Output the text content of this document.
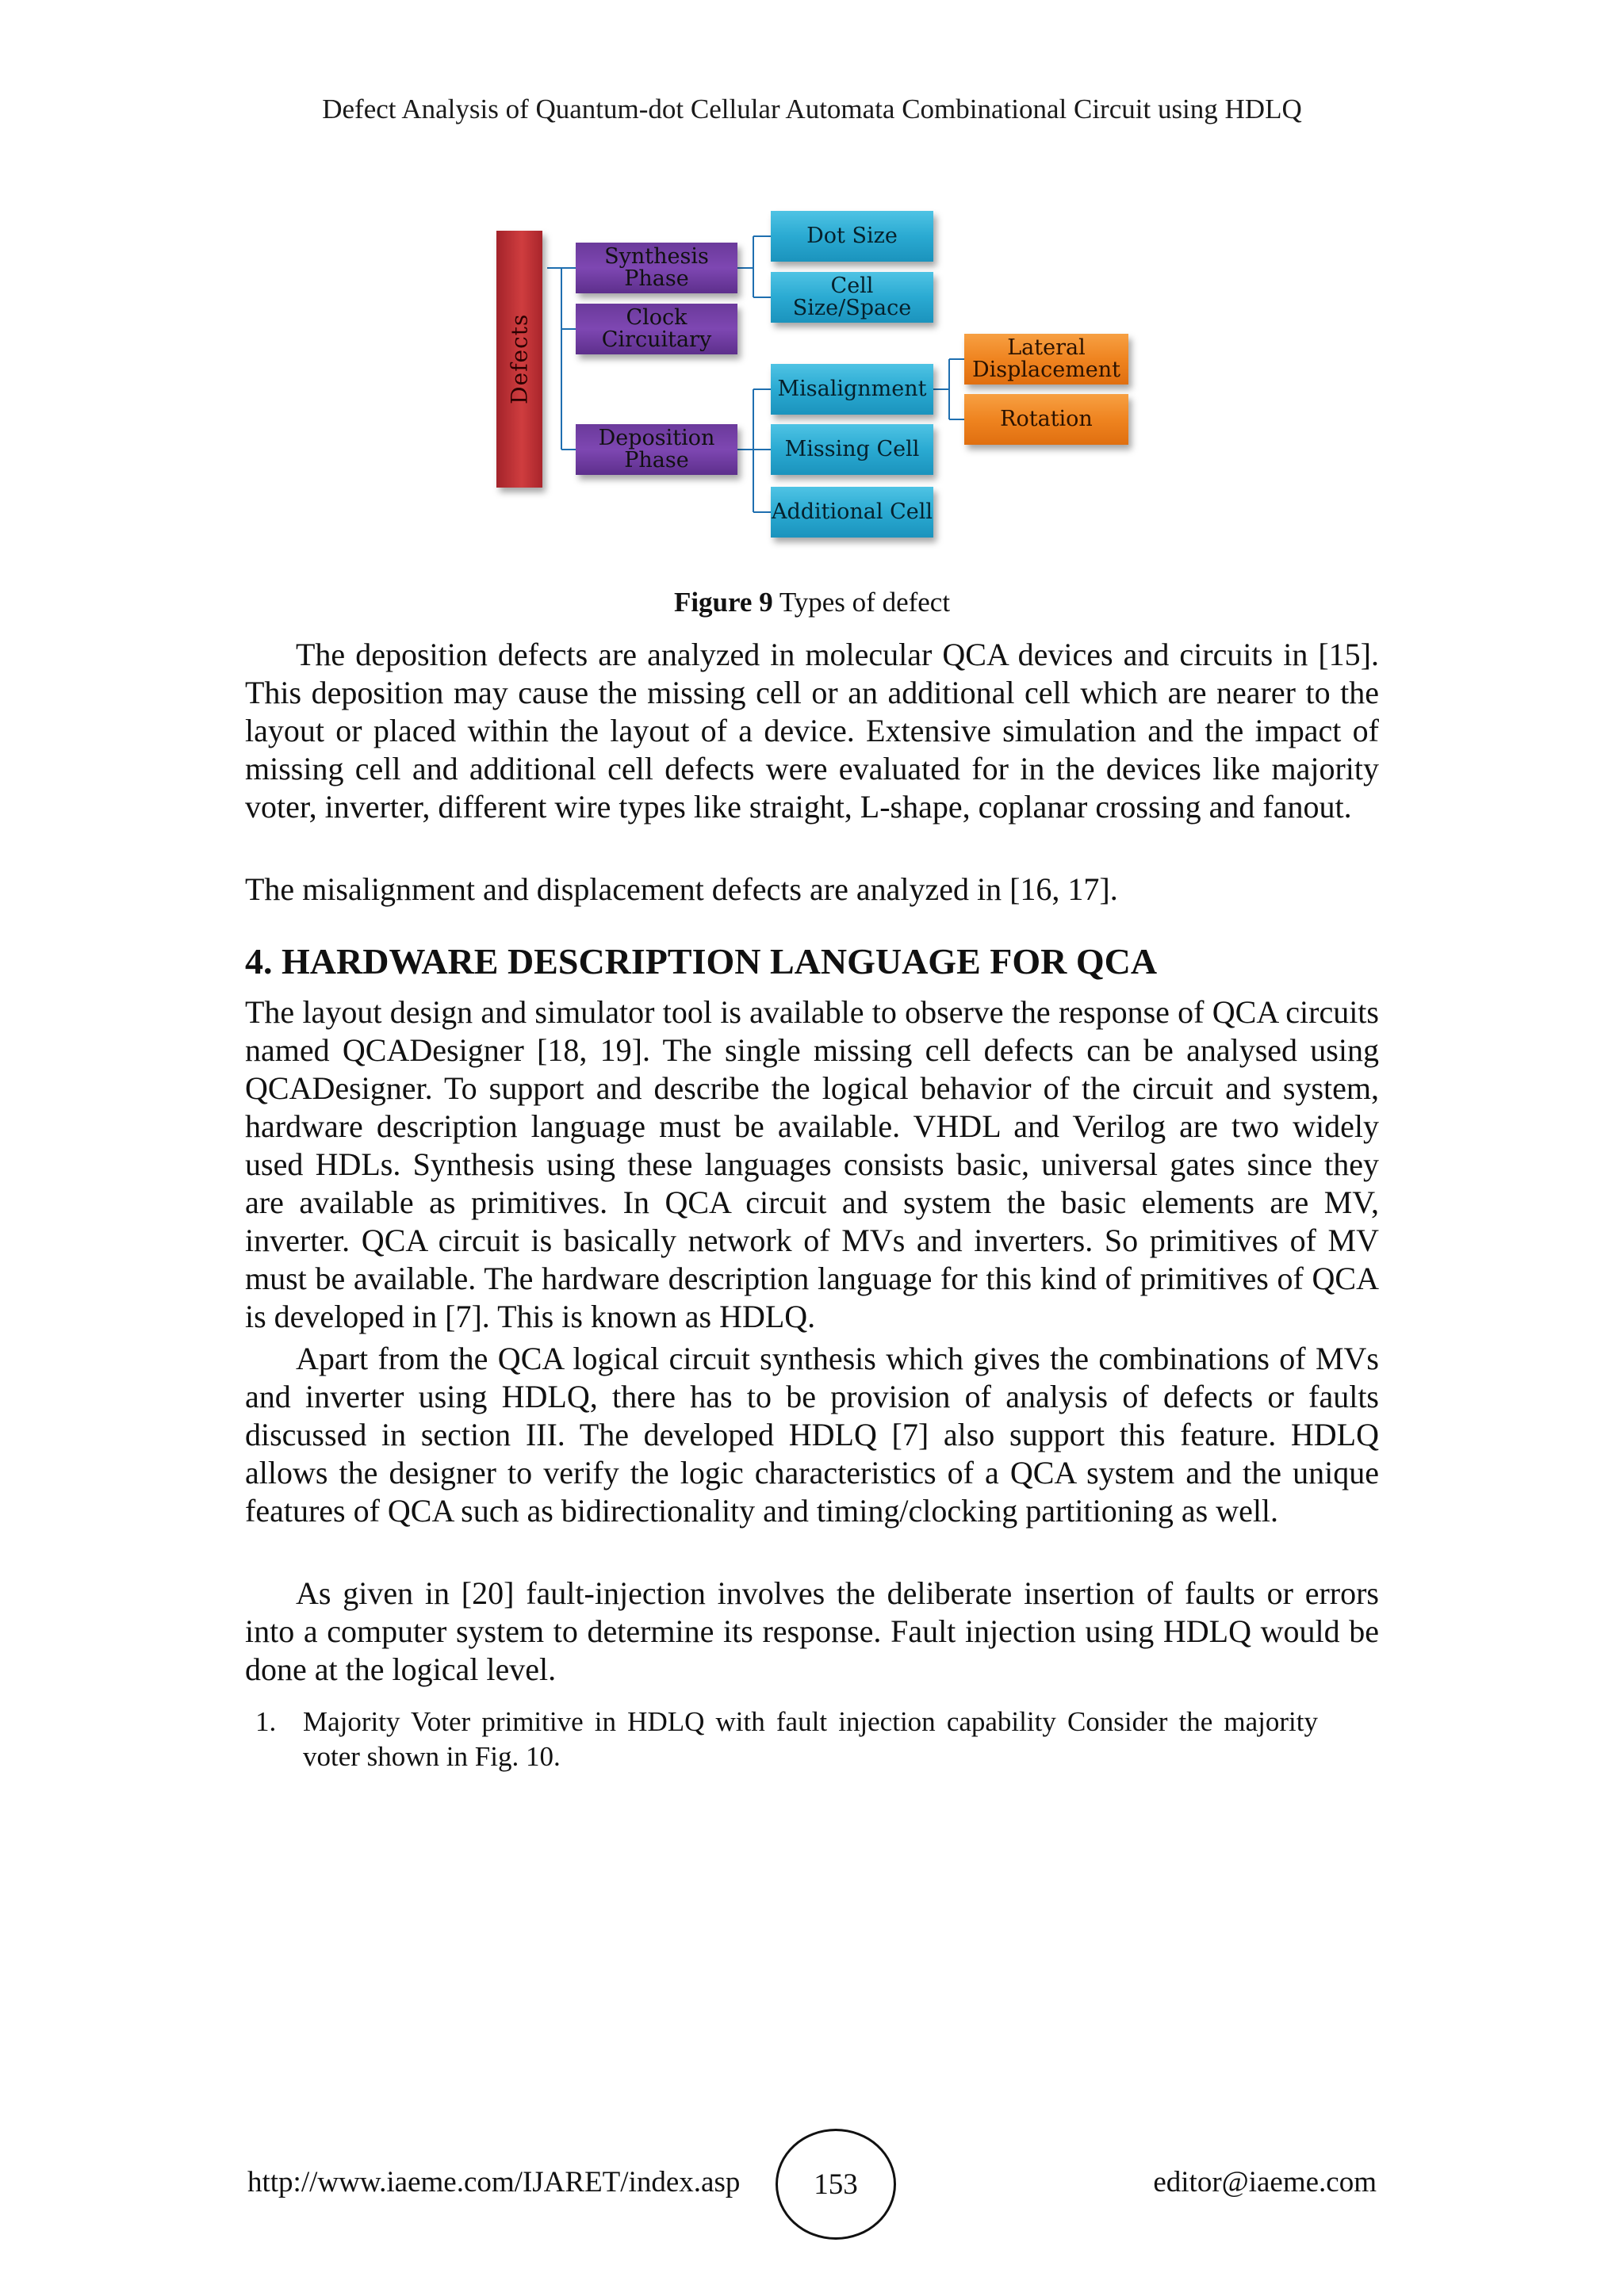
Defect Analysis of Quantum-dot Cellular Automata Combinational Circuit using HDLQ
Defects
Synthesis Phase
Clock Circuitary
Deposition Phase
Dot Size
Cell Size/Space
Misalignment
Missing Cell
Additional Cell
Lateral Displacement
Rotation
Figure 9 Types of defect
The deposition defects are analyzed in molecular QCA devices and circuits in [15]. This deposition may cause the missing cell or an additional cell which are nearer to the layout or placed within the layout of a device. Extensive simulation and the impact of missing cell and additional cell defects were evaluated for in the devices like majority voter, inverter, different wire types like straight, L-shape, coplanar crossing and fanout.
The misalignment and displacement defects are analyzed in [16, 17].
4. HARDWARE DESCRIPTION LANGUAGE FOR QCA
The layout design and simulator tool is available to observe the response of QCA circuits named QCADesigner [18, 19]. The single missing cell defects can be analysed using QCADesigner. To support and describe the logical behavior of the circuit and system, hardware description language must be available. VHDL and Verilog are two widely used HDLs. Synthesis using these languages consists basic, universal gates since they are available as primitives. In QCA circuit and system the basic elements are MV, inverter. QCA circuit is basically network of MVs and inverters. So primitives of MV must be available. The hardware description language for this kind of primitives of QCA is developed in [7]. This is known as HDLQ.
Apart from the QCA logical circuit synthesis which gives the combinations of MVs and inverter using HDLQ, there has to be provision of analysis of defects or faults discussed in section III. The developed HDLQ [7] also support this feature. HDLQ allows the designer to verify the logic characteristics of a QCA system and the unique features of QCA such as bidirectionality and timing/clocking partitioning as well.
As given in [20] fault-injection involves the deliberate insertion of faults or errors into a computer system to determine its response. Fault injection using HDLQ would be done at the logical level.
1. Majority Voter primitive in HDLQ with fault injection capability Consider the majority voter shown in Fig. 10.
http://www.iaeme.com/IJARET/index.asp	153	editor@iaeme.com
